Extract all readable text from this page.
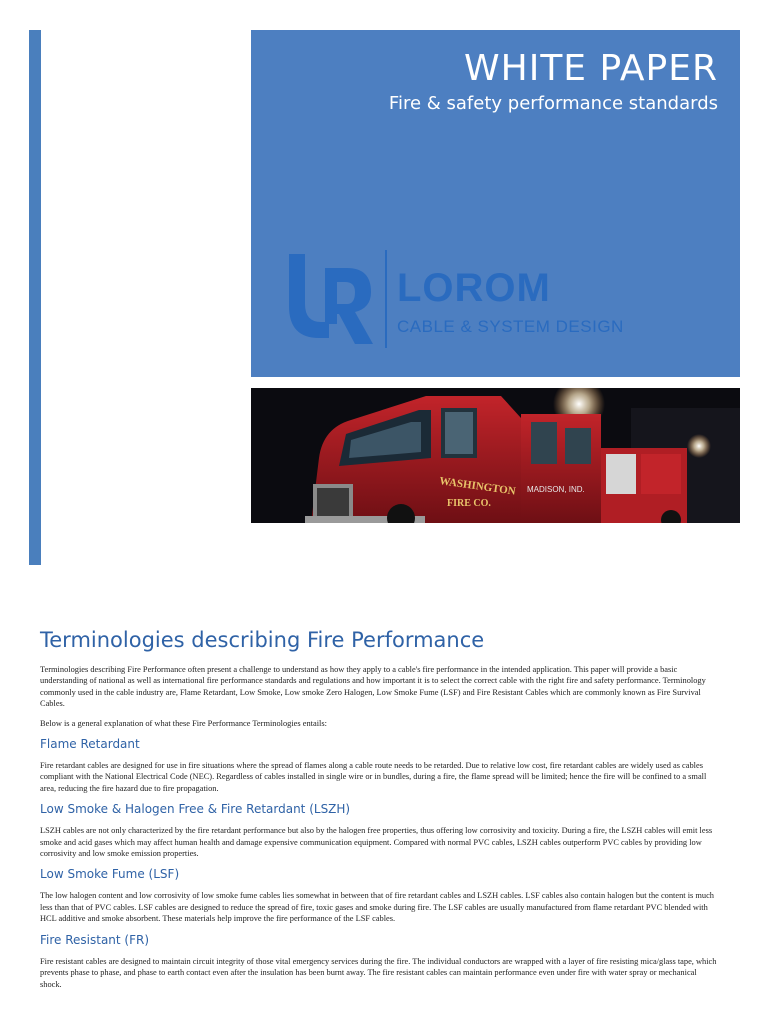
WHITE PAPER
Fire & safety performance standards
LOROM
CABLE & SYSTEM DESIGN
WASHINGTON
FIRE CO.
MADISON, IND.
Terminologies describing Fire Performance

Terminologies describing Fire Performance often present a challenge to understand as how they apply to a cable's fire performance in the intended application. This paper will provide a basic understanding of national as well as international fire performance standards and regulations and how important it is to select the correct cable with the right fire and safety performance. Terminology commonly used in the cable industry are, Flame Retardant, Low Smoke, Low smoke Zero Halogen, Low Smoke Fume (LSF) and Fire Resistant Cables which are commonly known as Fire Survival Cables.

Below is a general explanation of what these Fire Performance Terminologies entails:

Flame Retardant

Fire retardant cables are designed for use in fire situations where the spread of flames along a cable route needs to be retarded. Due to relative low cost, fire retardant cables are widely used as cables compliant with the National Electrical Code (NEC). Regardless of cables installed in single wire or in bundles, during a fire, the flame spread will be limited; hence the fire will be confined to a small area, reducing the fire hazard due to fire propagation.

Low Smoke & Halogen Free & Fire Retardant (LSZH)

LSZH cables are not only characterized by the fire retardant performance but also by the halogen free properties, thus offering low corrosivity and toxicity. During a fire, the LSZH cables will emit less smoke and acid gases which may affect human health and damage expensive communication equipment. Compared with normal PVC cables, LSZH cables outperform PVC cables by providing low corrosivity and low smoke emission properties.

Low Smoke Fume (LSF)

The low halogen content and low corrosivity of low smoke fume cables lies somewhat in between that of fire retardant cables and LSZH cables. LSF cables also contain halogen but the content is much less than that of PVC cables. LSF cables are designed to reduce the spread of fire, toxic gases and smoke during fire. The LSF cables are usually manufactured from flame retardant PVC blended with HCL additive and smoke absorbent. These materials help improve the fire performance of the LSF cables.

Fire Resistant (FR)

Fire resistant cables are designed to maintain circuit integrity of those vital emergency services during the fire. The individual conductors are wrapped with a layer of fire resisting mica/glass tape, which prevents phase to phase, and phase to earth contact even after the insulation has been burnt away. The fire resistant cables can maintain performance even under fire with water spray or mechanical shock.
